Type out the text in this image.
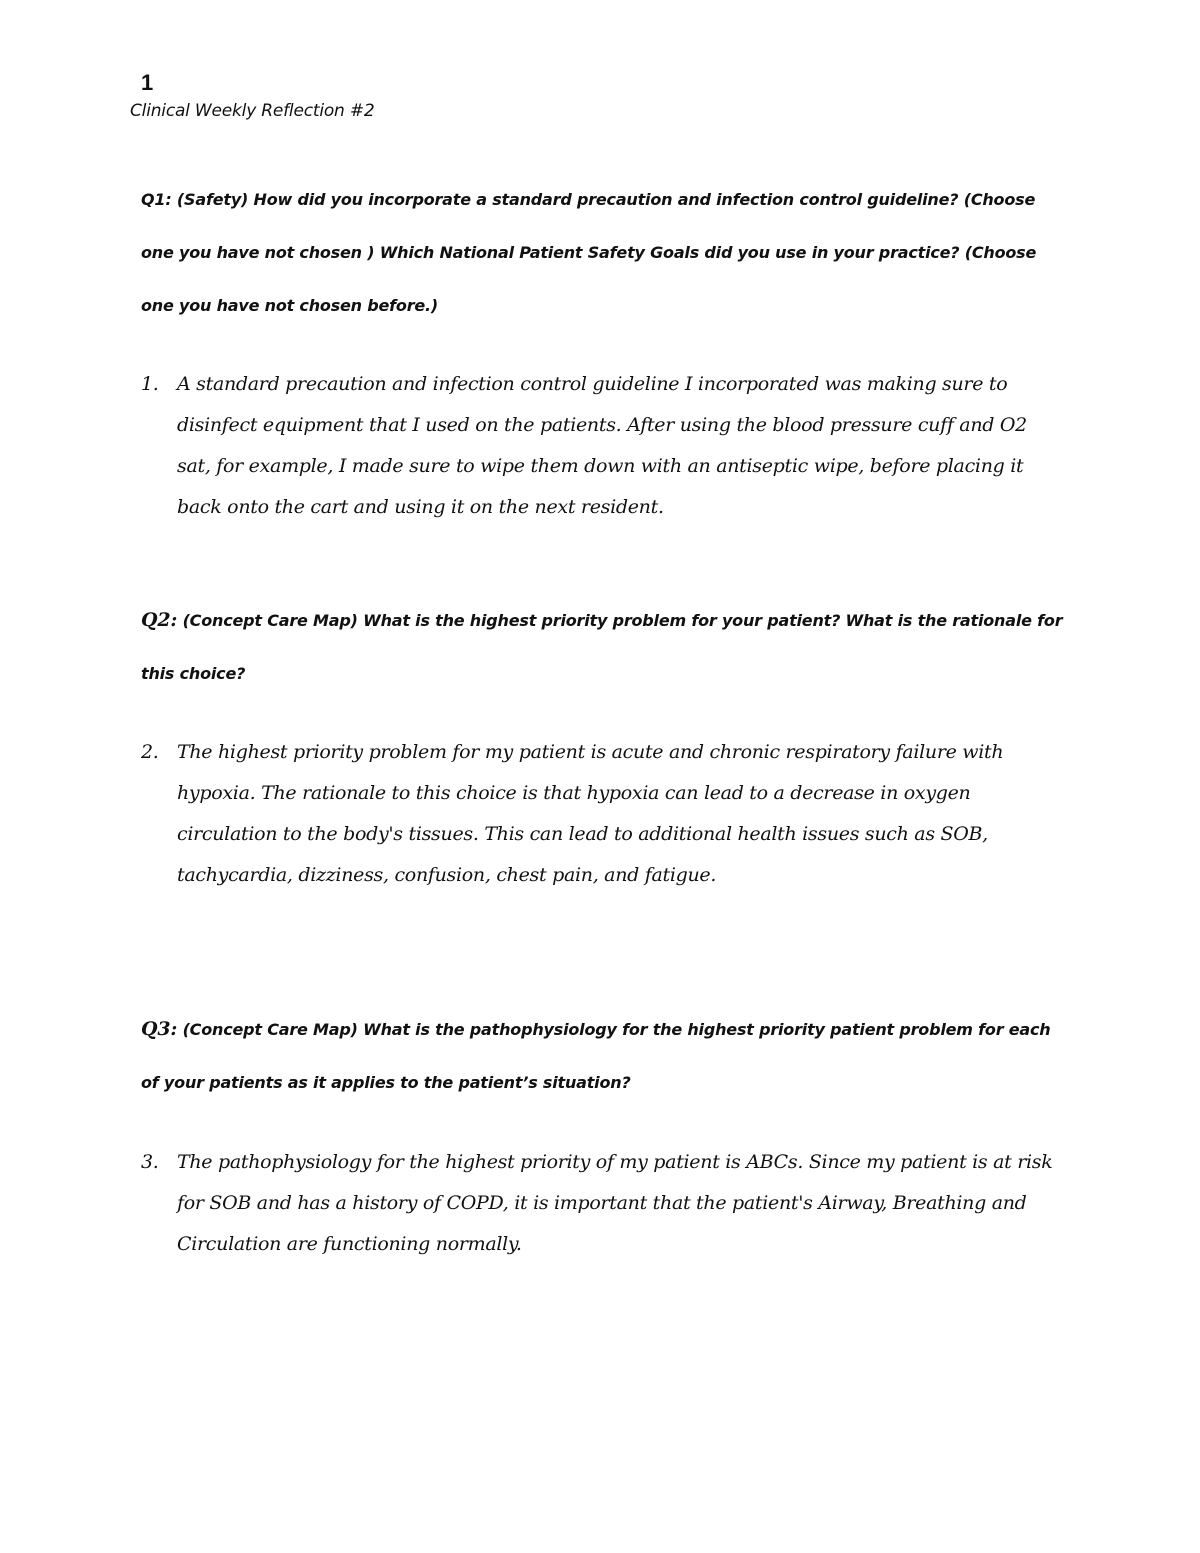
1
Clinical Weekly Reflection #2

Q1: (Safety) How did you incorporate a standard precaution and infection control guideline? (Choose one you have not chosen ) Which National Patient Safety Goals did you use in your practice? (Choose one you have not chosen before.)

1. A standard precaution and infection control guideline I incorporated was making sure to disinfect equipment that I used on the patients. After using the blood pressure cuff and O2 sat, for example, I made sure to wipe them down with an antiseptic wipe, before placing it back onto the cart and using it on the next resident.

Q2: (Concept Care Map) What is the highest priority problem for your patient? What is the rationale for this choice?

2. The highest priority problem for my patient is acute and chronic respiratory failure with hypoxia. The rationale to this choice is that hypoxia can lead to a decrease in oxygen circulation to the body's tissues. This can lead to additional health issues such as SOB, tachycardia, dizziness, confusion, chest pain, and fatigue.

Q3: (Concept Care Map) What is the pathophysiology for the highest priority patient problem for each of your patients as it applies to the patient’s situation?

3. The pathophysiology for the highest priority of my patient is ABCs. Since my patient is at risk for SOB and has a history of COPD, it is important that the patient's Airway, Breathing and Circulation are functioning normally.
